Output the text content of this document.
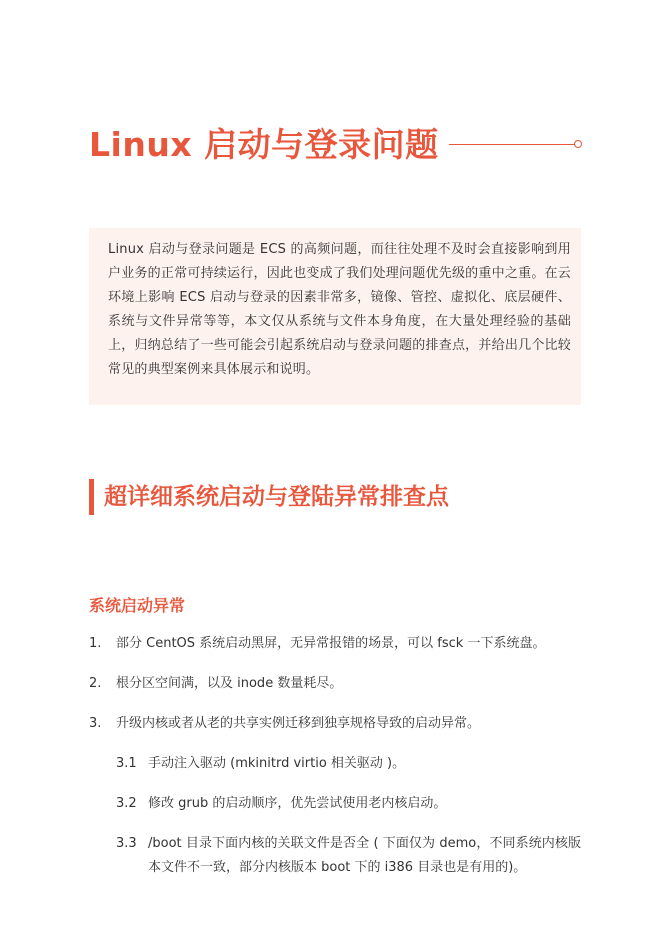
Linux 启动与登录问题
Linux 启动与登录问题是 ECS 的高频问题，而往往处理不及时会直接影响到用户业务的正常可持续运行，因此也变成了我们处理问题优先级的重中之重。在云环境上影响 ECS 启动与登录的因素非常多，镜像、管控、虚拟化、底层硬件、系统与文件异常等等，本文仅从系统与文件本身角度，在大量处理经验的基础上，归纳总结了一些可能会引起系统启动与登录问题的排查点，并给出几个比较常见的典型案例来具体展示和说明。
超详细系统启动与登陆异常排查点
系统启动异常
1. 部分 CentOS 系统启动黑屏，无异常报错的场景，可以 fsck 一下系统盘。
2. 根分区空间满，以及 inode 数量耗尽。
3. 升级内核或者从老的共享实例迁移到独享规格导致的启动异常。
3.1 手动注入驱动 (mkinitrd virtio 相关驱动 )。
3.2 修改 grub 的启动顺序，优先尝试使用老内核启动。
3.3 /boot 目录下面内核的关联文件是否全 ( 下面仅为 demo，不同系统内核版本文件不一致，部分内核版本 boot 下的 i386 目录也是有用的)。
